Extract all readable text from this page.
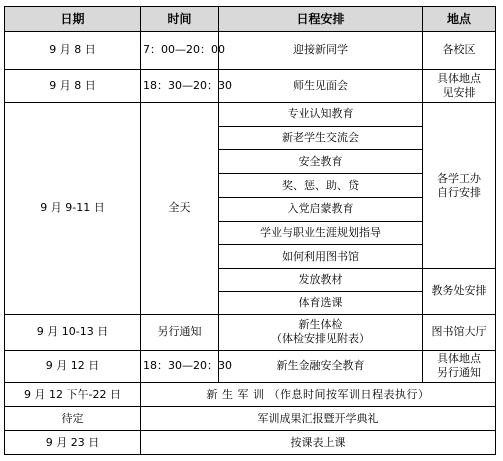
日期	时间	日程安排	地点
9 月 8 日	7：00—20：00	迎接新同学	各校区
9 月 8 日	18：30—20：30	师生见面会	具体地点
见安排

9 月 9-11 日	全天	专业认知教育	各学工办
自行安排

		新老学生交流会	
		安全教育	
		奖、惩、助、贷	
		入党启蒙教育	
		学业与职业生涯规划指导	
		如何利用图书馆	
		发放教材	教务处安排
		体育选课	
9 月 10-13 日	另行通知	新生体检
（体检安排见附表）	图书馆大厅
9 月 12 日	18：30—20：30	新生金融安全教育	具体地点
另行通知

9 月 12 下午-22 日	新 生 军 训 （作息时间按军训日程表执行）		
待定	军训成果汇报暨开学典礼		
9 月 23 日	按课表上课		
